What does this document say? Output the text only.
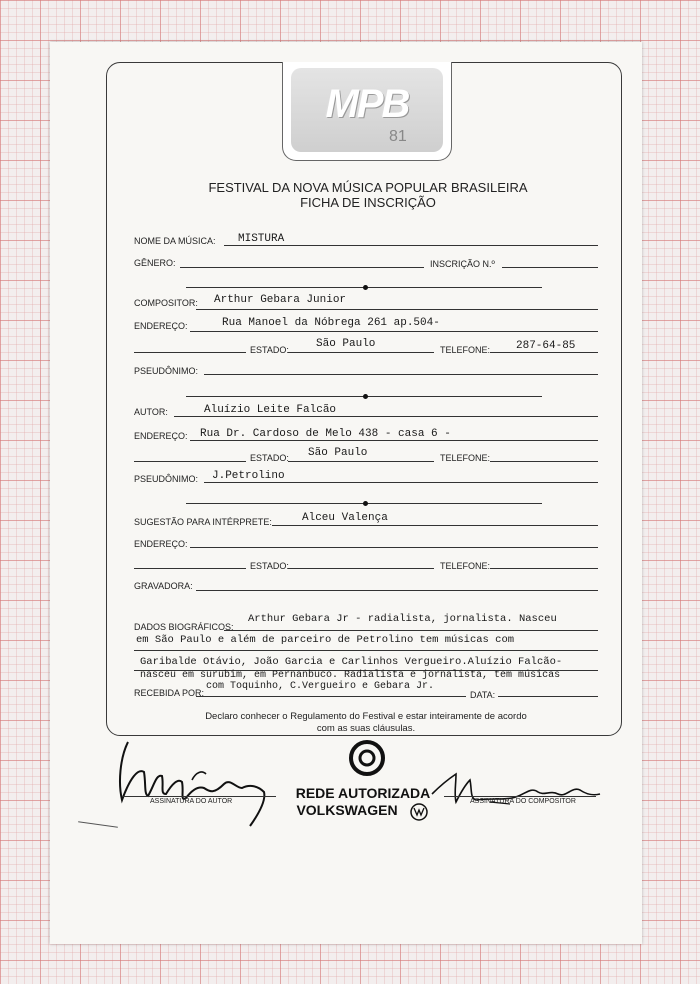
MPB
81
FESTIVAL DA NOVA MÚSICA POPULAR BRASILEIRA
FICHA DE INSCRIÇÃO
NOME DA MÚSICA: MISTURA
GÊNERO:	INSCRIÇÃO N.º
COMPOSITOR: Arthur Gebara Junior
ENDEREÇO:	Rua Manoel da Nóbrega 261 ap.504-
ESTADO: São Paulo	TELEFONE: 287-64-85
PSEUDÔNIMO:
AUTOR:	Aluízio Leite Falcão
ENDEREÇO: Rua Dr. Cardoso de Melo 438 - casa 6 -
ESTADO: São Paulo	TELEFONE:
PSEUDÔNIMO: J.Petrolino
SUGESTÃO PARA INTÉRPRETE:	Alceu Valença
ENDEREÇO:
ESTADO:	TELEFONE:
GRAVADORA:
DADOS BIOGRÁFICOS:
Arthur Gebara Jr - radialista, jornalista. Nasceu
em São Paulo e além de parceiro de Petrolino tem músicas com
Garibalde Otávio, João Garcia e Carlinhos Vergueiro.Aluízio Falcão-
nasceu em surubim, em Pernanbuco. Radialista e jornalista, tem músicas
com Toquinho, C.Vergueiro e Gebara Jr.
RECEBIDA POR:	DATA:
Declaro conhecer o Regulamento do Festival e estar inteiramente de acordo
com as suas cláusulas.
ASSINATURA DO AUTOR
REDE AUTORIZADA
VOLKSWAGEN
ASSINATURA DO COMPOSITOR
